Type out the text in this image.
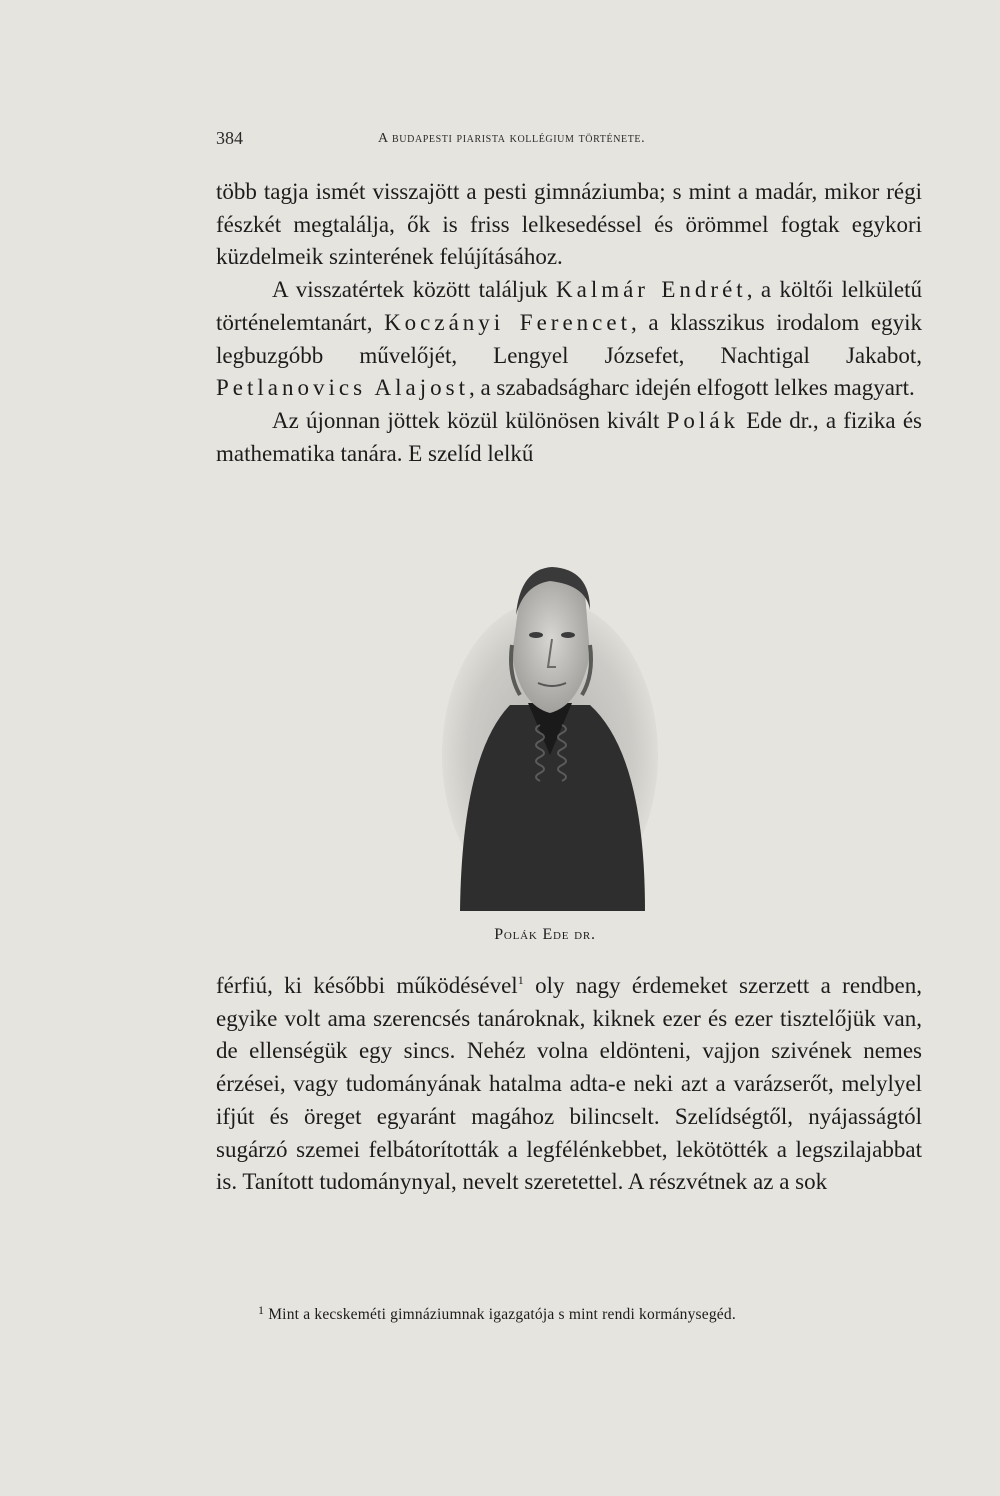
384	A budapesti piarista kollégium története.

több tagja ismét visszajött a pesti gimnáziumba; s mint a madár, mikor régi fészkét megtalálja, ők is friss lelkesedéssel és örömmel fogtak egykori küzdelmeik szinterének felújításához.

A visszatértek között találjuk Kalmár Endrét, a költői lelkületű történelemtanárt, Koczányi Ferencet, a klasszikus irodalom egyik legbuzgóbb művelőjét, Lengyel Józsefet, Nachtigal Jakabot, Petlanovics Alajost, a szabadságharc idején elfogott lelkes magyart.

Az újonnan jöttek közül különösen kivált Polák Ede dr., a fizika és mathematika tanára. E szelíd lelkű

Polák Ede dr.

férfiú, ki későbbi működésével$^1$ oly nagy érdemeket szerzett a rendben, egyike volt ama szerencsés tanároknak, kiknek ezer és ezer tisztelőjük van, de ellenségük egy sincs. Nehéz volna eldönteni, vajjon szivének nemes érzései, vagy tudományának hatalma adta-e neki azt a varázserőt, melylyel ifjút és öreget egyaránt magához bilincselt. Szelídségtől, nyájasságtól sugárzó szemei felbátorították a legfélénkebbet, lekötötték a legszilajabbat is. Tanított tudománynyal, nevelt szeretettel. A részvétnek az a sok

$^1$ Mint a kecskeméti gimnáziumnak igazgatója s mint rendi kormánysegéd.
